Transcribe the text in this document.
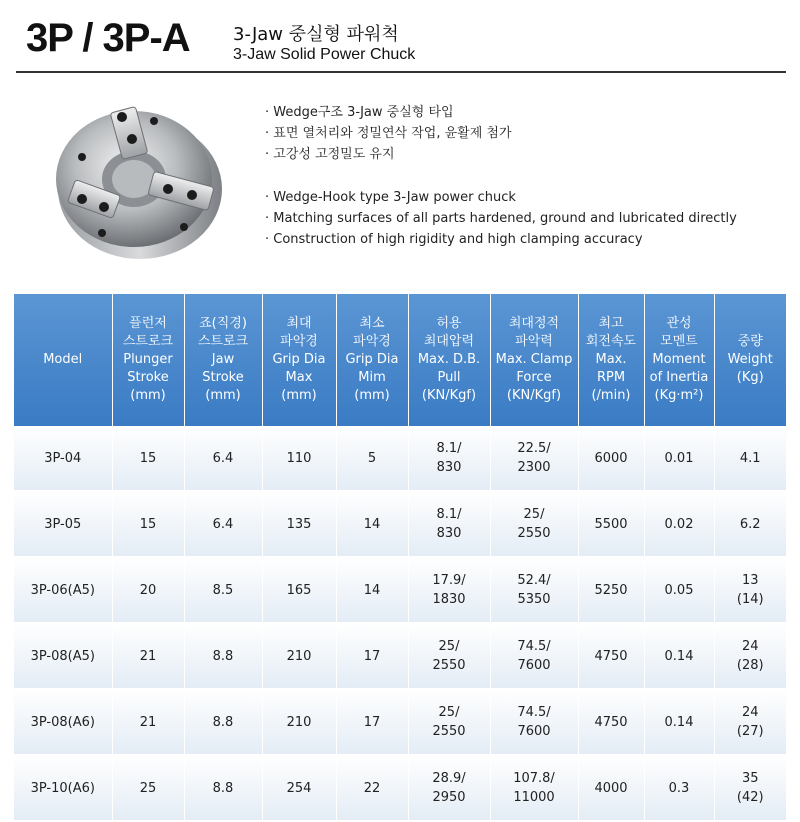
3P / 3P-A 3-Jaw 중실형 파워척
3-Jaw Solid Power Chuck
· Wedge구조 3-Jaw 중실형 타입
· 표면 열처리와 정밀연삭 작업, 윤활제 첨가
· 고강성 고정밀도 유지
· Wedge-Hook type 3-Jaw power chuck
· Matching surfaces of all parts hardened, ground and lubricated directly
· Construction of high rigidity and high clamping accuracy
Model	플런저
스트로크
Plunger
Stroke
(mm)	죠(직경)
스트로크
Jaw
Stroke
(mm)	최대
파악경
Grip Dia
Max
(mm)	최소
파악경
Grip Dia
Mim
(mm)	허용
최대압력
Max. D.B.
Pull
(KN/Kgf)	최대정적
파악력
Max. Clamp
Force
(KN/Kgf)	최고
회전속도
Max.
RPM
(/min)	관성
모멘트
Moment
of Inertia
(Kg·m²)	중량
Weight
(Kg)

3P-04	15	6.4	110	5	8.1/
830	22.5/
2300	6000	0.01	4.1

3P-05	15	6.4	135	14	8.1/
830	25/
2550	5500	0.02	6.2

3P-06(A5)	20	8.5	165	14	17.9/
1830	52.4/
5350	5250	0.05	13
(14)

3P-08(A5)	21	8.8	210	17	25/
2550	74.5/
7600	4750	0.14	24
(28)

3P-08(A6)	21	8.8	210	17	25/
2550	74.5/
7600	4750	0.14	24
(27)

3P-10(A6)	25	8.8	254	22	28.9/
2950	107.8/
11000	4000	0.3	35
(42)
